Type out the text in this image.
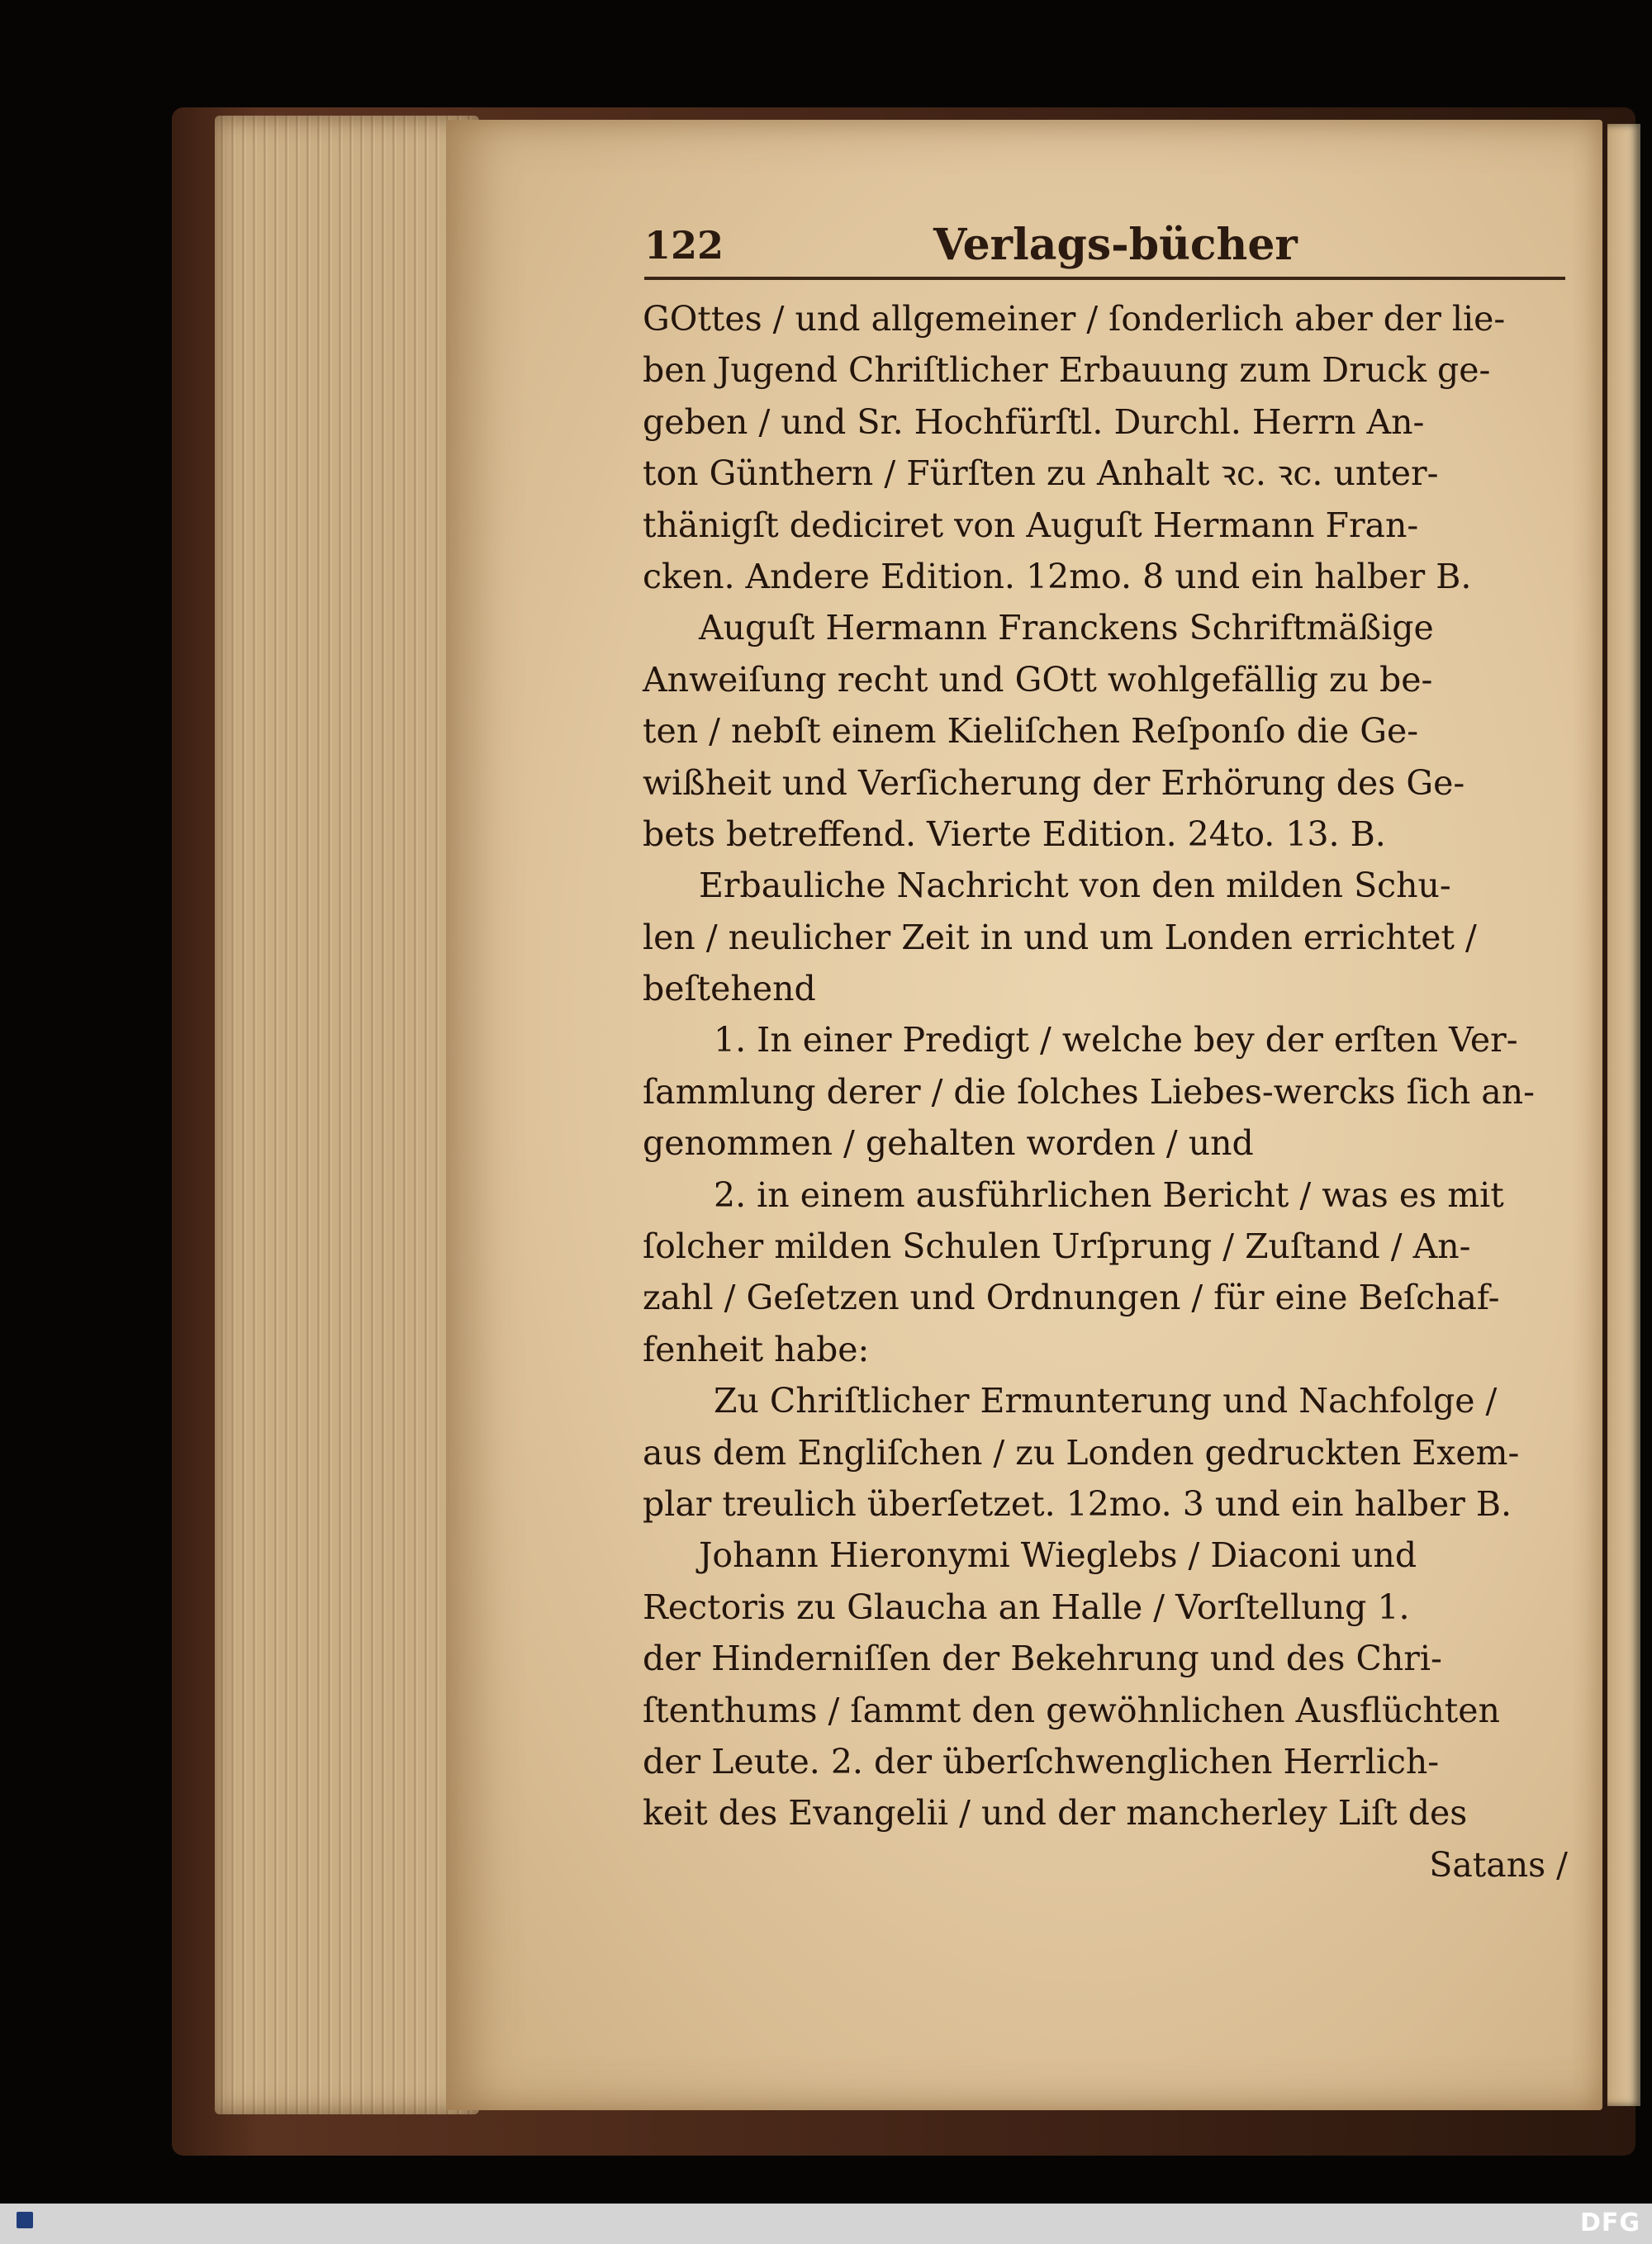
122	Verlags-bücher
GOttes / und allgemeiner / ſonderlich aber der lie-
ben Jugend Chriſtlicher Erbauung zum Druck ge-
geben / und Sr. Hochfürſtl. Durchl. Herrn An-
ton Günthern / Fürſten zu Anhalt ꝛc. ꝛc. unter-
thänigſt dediciret von Auguſt Hermann Fran-
cken. Andere Edition. 12mo. 8 und ein halber B.
Auguſt Hermann Franckens Schriftmäßige
Anweiſung recht und GOtt wohlgefällig zu be-
ten / nebſt einem Kieliſchen Reſponſo die Ge-
wißheit und Verſicherung der Erhörung des Ge-
bets betreffend. Vierte Edition. 24to. 13. B.
Erbauliche Nachricht von den milden Schu-
len / neulicher Zeit in und um Londen errichtet /
beſtehend
1. In einer Predigt / welche bey der erſten Ver-
ſammlung derer / die ſolches Liebes-wercks ſich an-
genommen / gehalten worden / und
2. in einem ausführlichen Bericht / was es mit
ſolcher milden Schulen Urſprung / Zuſtand / An-
zahl / Geſetzen und Ordnungen / für eine Beſchaf-
fenheit habe:
Zu Chriſtlicher Ermunterung und Nachfolge /
aus dem Engliſchen / zu Londen gedruckten Exem-
plar treulich überſetzet. 12mo. 3 und ein halber B.
Johann Hieronymi Wieglebs / Diaconi und
Rectoris zu Glaucha an Halle / Vorſtellung 1.
der Hinderniſſen der Bekehrung und des Chri-
ſtenthums / ſammt den gewöhnlichen Ausflüchten
der Leute. 2. der überſchwenglichen Herrlich-
keit des Evangelii / und der mancherley Liſt des
Satans /
DFG
